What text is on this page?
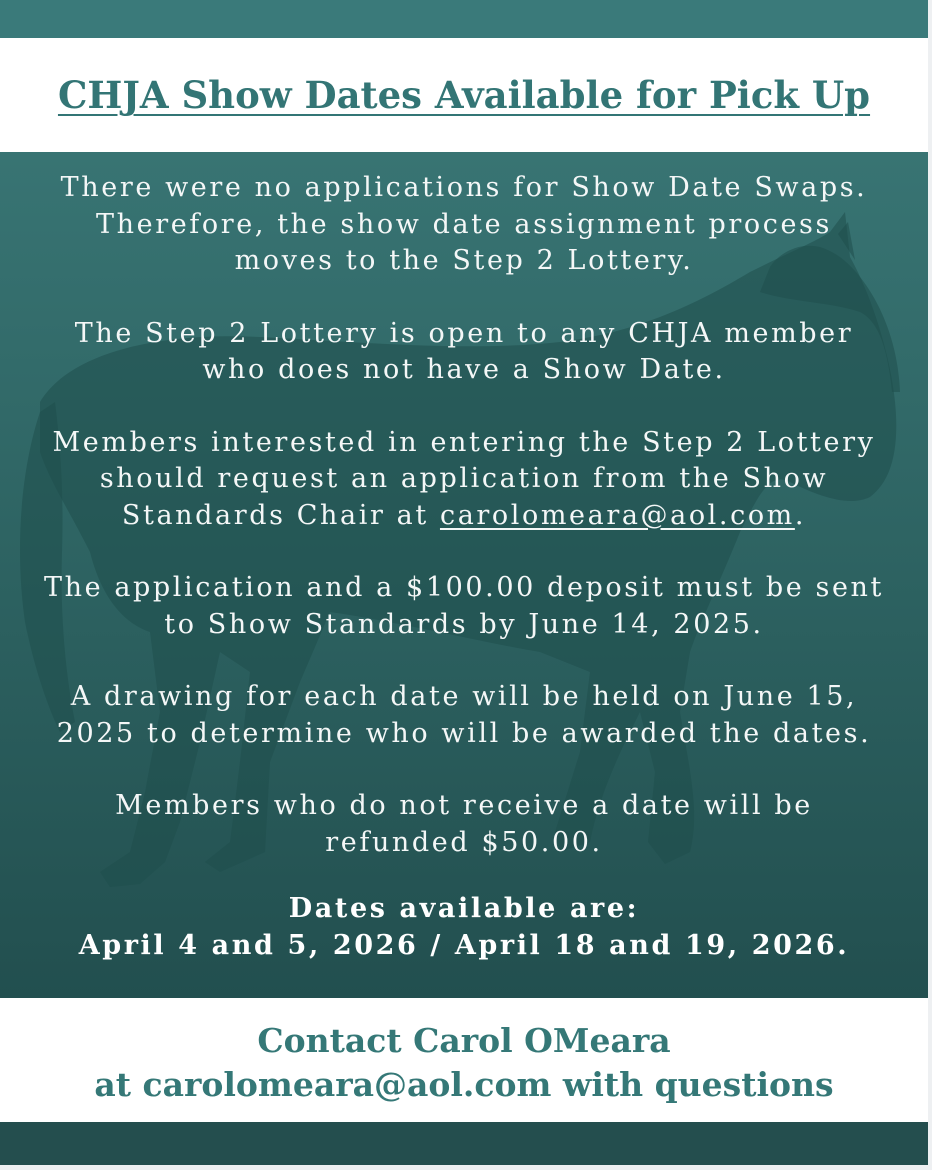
CHJA Show Dates Available for Pick Up

There were no applications for Show Date Swaps.
Therefore, the show date assignment process
moves to the Step 2 Lottery.

The Step 2 Lottery is open to any CHJA member
who does not have a Show Date.

Members interested in entering the Step 2 Lottery
should request an application from the Show
Standards Chair at carolomeara@aol.com.

The application and a $100.00 deposit must be sent
to Show Standards by June 14, 2025.

A drawing for each date will be held on June 15,
2025 to determine who will be awarded the dates.

Members who do not receive a date will be
refunded $50.00.

Dates available are:
April 4 and 5, 2026 / April 18 and 19, 2026.
Contact Carol OMeara
at carolomeara@aol.com with questions
